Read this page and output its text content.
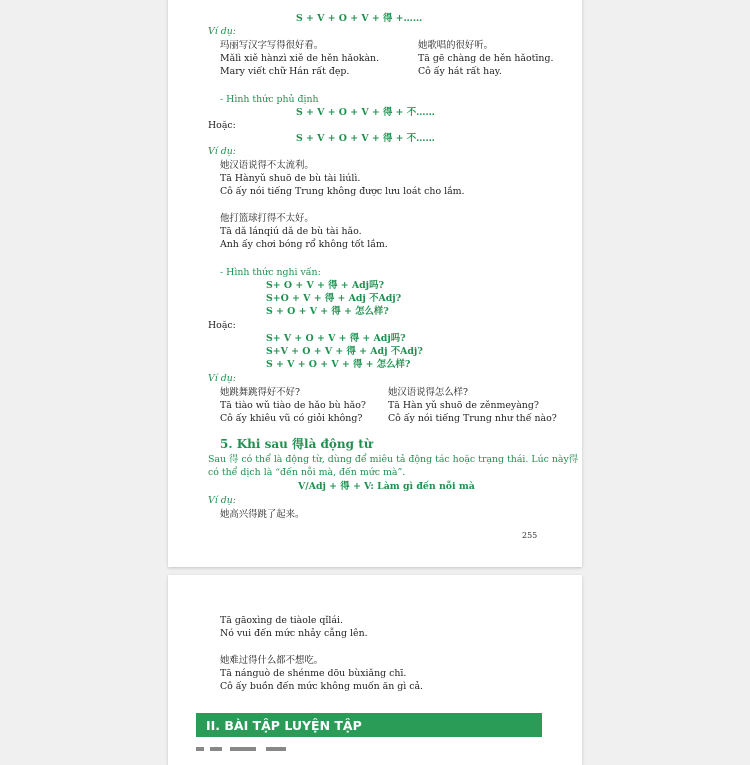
S + V + O + V + 得 +……
Ví dụ:
玛丽写汉字写得很好看。
Mǎlì xiě hànzì xiě de hěn hǎokàn.
Mary viết chữ Hán rất đẹp.
她歌唱的很好听。
Tā gē chàng de hěn hǎotīng.
Cô ấy hát rất hay.
- Hình thức phủ định
S + V + O + V + 得 + 不……
Hoặc:
S + V + O + V + 得 + 不……
Ví dụ:
她汉语说得不太流利。
Tā Hànyǔ shuō de bù tài liúlì.
Cô ấy nói tiếng Trung không được lưu loát cho lắm.
他打篮球打得不太好。
Tā dǎ lánqiú dǎ de bù tài hǎo.
Anh ấy chơi bóng rổ không tốt lắm.
- Hình thức nghi vấn:
S+ O + V + 得 + Adj吗?
S+O + V + 得 + Adj 不Adj?
S + O + V + 得 + 怎么样?
Hoặc:
S+ V + O + V + 得 + Adj吗?
S+V + O + V + 得 + Adj 不Adj?
S + V + O + V + 得 + 怎么样?
Ví dụ:
她跳舞跳得好不好?
Tā tiào wǔ tiào de hǎo bù hǎo?
Cô ấy khiêu vũ có giỏi không?
她汉语说得怎么样?
Tā Hàn yǔ shuō de zěnmeyàng?
Cô ấy nói tiếng Trung như thế nào?
5. Khi sau 得là động từ
Sau 得 có thể là động từ, dùng để miêu tả động tác hoặc trạng thái. Lúc này得
có thể dịch là “đến nỗi mà, đến mức mà”.
V/Adj + 得 + V: Làm gì đến nỗi mà
Ví dụ:
她高兴得跳了起来。
255
Tā gāoxìng de tiàole qǐlái.
Nó vui đến mức nhảy cẫng lên.
她难过得什么都不想吃。
Tā nánguò de shénme dōu bùxiǎng chī.
Cô ấy buồn đến mức không muốn ăn gì cả.
II. BÀI TẬP LUYỆN TẬP
